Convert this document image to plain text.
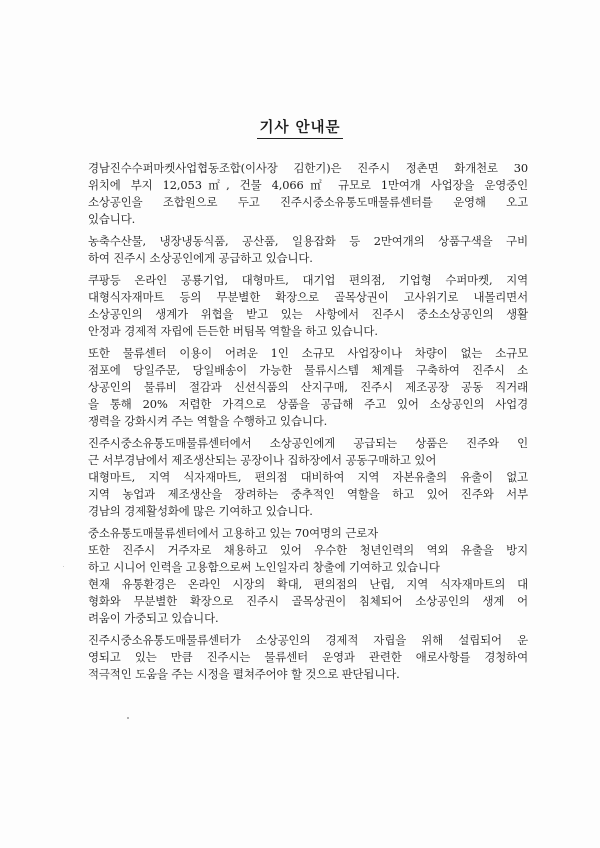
기사 안내문
경남진수수퍼마켓사업협동조합(이사장 김한기)은 진주시 정촌면 화개천로 30
위치에 부지 12,053㎡, 건물 4,066㎡ 규모로 1만여개 사업장을 운영중인
소상공인을 조합원으로 두고 진주시중소유통도매물류센터를 운영해 오고
있습니다.
농축수산물, 냉장냉동식품, 공산품, 일용잡화 등 2만여개의 상품구색을 구비
하여 진주시 소상공인에게 공급하고 있습니다.
쿠팡등 온라인 공룡기업, 대형마트, 대기업 편의점, 기업형 수퍼마켓, 지역
대형식자재마트 등의 무분별한 확장으로 골목상권이 고사위기로 내몰리면서
소상공인의 생계가 위협을 받고 있는 사항에서 진주시 중소소상공인의 생활
안정과 경제적 자립에 든든한 버팀목 역할을 하고 있습니다.
또한 물류센터 이용이 어려운 1인 소규모 사업장이나 차량이 없는 소규모
점포에 당일주문, 당일배송이 가능한 물류시스템 체계를 구축하여 진주시 소
상공인의 물류비 절감과 신선식품의 산지구매, 진주시 제조공장 공동 직거래
을 통해 20% 저렴한 가격으로 상품을 공급해 주고 있어 소상공인의 사업경
쟁력을 강화시켜 주는 역할을 수행하고 있습니다.
진주시중소유통도매물류센터에서 소상공인에게 공급되는 상품은 진주와 인
근 서부경남에서 제조생산되는 공장이나 집하장에서 공동구매하고 있어
대형마트, 지역 식자재마트, 편의점 대비하여 지역 자본유출의 유출이 없고
지역 농업과 제조생산을 장려하는 중추적인 역할을 하고 있어 진주와 서부
경남의 경제활성화에 많은 기여하고 있습니다.
중소유통도매물류센터에서 고용하고 있는 70여명의 근로자
또한 진주시 거주자로 채용하고 있어 우수한 청년인력의 역외 유출을 방지
하고 시니어 인력을 고용함으로써 노인일자리 창출에 기여하고 있습니다
현재 유통환경은 온라인 시장의 확대, 편의점의 난립, 지역 식자재마트의 대
형화와 무분별한 확장으로 진주시 골목상권이 침체되어 소상공인의 생계 어
려움이 가중되고 있습니다.
진주시중소유통도매물류센터가 소상공인의 경제적 자립을 위해 설립되어 운
영되고 있는 만큼 진주시는 물류센터 운영과 관련한 애로사항를 경청하여
적극적인 도움을 주는 시정을 펼쳐주어야 할 것으로 판단됩니다.
